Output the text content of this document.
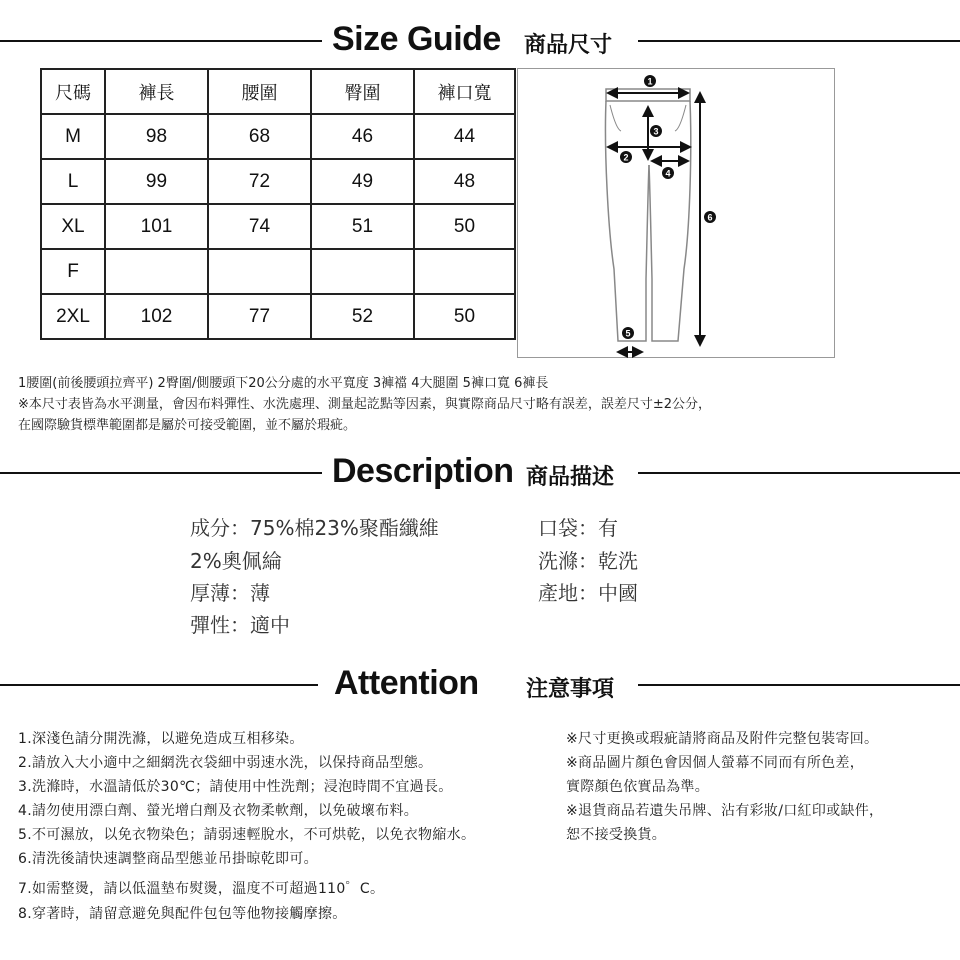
Size Guide 商品尺寸
尺碼	褲長	腰圍	臀圍	褲口寬
M	98	68	46	44
L	99	72	49	48
XL	101	74	51	50
F				
2XL	102	77	52	50
1
2
3
4
5
6
1腰圍(前後腰頭拉齊平) 2臀圍/側腰頭下20公分處的水平寬度 3褲襠 4大腿圍 5褲口寬 6褲長
※本尺寸表皆為水平測量，會因布料彈性、水洗處理、測量起訖點等因素，與實際商品尺寸略有誤差，誤差尺寸±2公分，
在國際驗貨標準範圍都是屬於可接受範圍，並不屬於瑕疵。
Description 商品描述
成分：75%棉23%聚酯纖維
2%奧佩綸
厚薄：薄
彈性：適中
口袋：有
洗滌：乾洗
產地：中國
Attention 注意事項
1.深淺色請分開洗滌，以避免造成互相移染。
2.請放入大小適中之細網洗衣袋細中弱速水洗，以保持商品型態。
3.洗滌時，水溫請低於30℃；請使用中性洗劑；浸泡時間不宜過長。
4.請勿使用漂白劑、螢光增白劑及衣物柔軟劑，以免破壞布料。
5.不可濕放，以免衣物染色；請弱速輕脫水，不可烘乾，以免衣物縮水。
6.清洗後請快速調整商品型態並吊掛晾乾即可。
7.如需整燙，請以低溫墊布熨燙，溫度不可超過110゜C。
8.穿著時，請留意避免與配件包包等他物接觸摩擦。
※尺寸更換或瑕疵請將商品及附件完整包裝寄回。
※商品圖片顏色會因個人螢幕不同而有所色差，
實際顏色依實品為準。
※退貨商品若遺失吊牌、沾有彩妝/口紅印或缺件，
恕不接受換貨。
